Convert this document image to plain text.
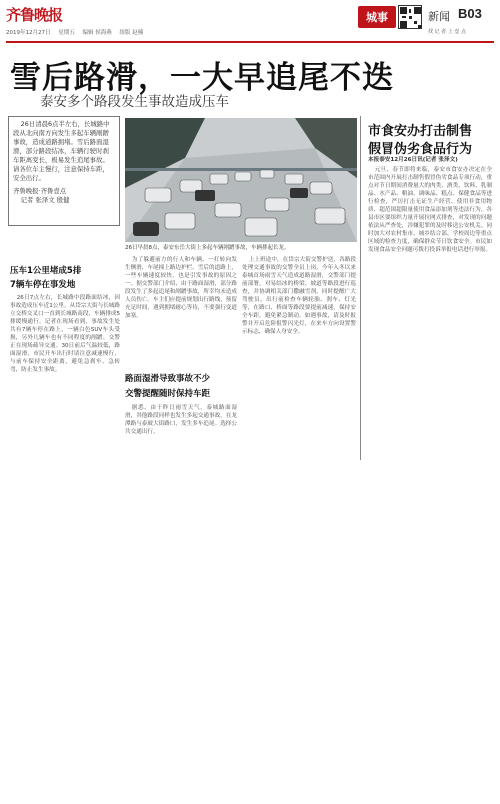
齐鲁晚报
2019年12月27日 星期五 编辑 侯海燕 组版 赵楠
城事	新闻 B03
找 记 者 上 壹 点
雪后路滑，一大早追尾不迭
泰安多个路段发生事故造成压车

26日清晨6点半左右，长城路中段从北向南方向发生多起车辆剐蹭事故，造成道路拥堵。雪后路面湿滑，部分路段结冰，车辆行驶时刹车距离变长，极易发生追尾事故。请各位车主慢行，注意保持车距，安全出行。

齐鲁晚报·齐鲁壹点

记者 张泽文 殷健

26日早晨8点，泰安东岳大街上多起车辆剐蹭事故，车辆排起长龙。
压车1公里堵成5排
7辆车停在事发地

26日7点左右，长城路中段路面结冰，因事故造成压车近1公里。从岱宗大街与长城路立交桥交叉口一直到长城路南段，车辆排成5排缓慢通行。记者在现场看到，事故发生处共有7辆车停在路上，一辆白色SUV车头受损，另外几辆车也有不同程度的剐蹭。交警正在现场疏导交通。30日前后气温较低，路面湿滑，市民开车出行时请注意减速慢行，与前车保持安全距离，避免急刹车、急转弯，防止发生事故。

为了躲避前方的行人和车辆，一打转向发生侧滑，车尾撞上路边护栏。雪后的道路上，一些车辆速度较快，也是引发事故的原因之一。据交警部门介绍，由于路面湿滑，部分路段发生了多起追尾和剐蹭事故，所幸均未造成人员伤亡。车主们应提前规划出行路线，预留充足时间，遇到拥堵耐心等待，不要强行变道加塞。

路面湿滑导致事故不少
交警提醒随时保持车距

据悉，由于昨日雨雪天气，泰城路面湿滑，其他路段同样也发生多起交通事故。在龙潭路与泰玻大街路口，发生多车追尾。选择公共交通出行。

上上班途中，在岱宗大街交警护送，各路段处理交通事故的交警全员上岗，今年入冬以来泰城首场雨雪天气造成道路湿滑，交警部门提前部署，对易结冰的桥梁、坡道等路段进行巡查，并协调相关部门撒融雪剂。同时提醒广大驾驶员，出行前检查车辆轮胎、刹车、灯光等，在路口、桥面等路段要提前减速，保持安全车距，避免紧急制动。如遇事故，请及时报警并开启危险报警闪光灯，在来车方向设置警示标志，确保人身安全。

市食安办打击制售
假冒伪劣食品行为
本报泰安12月26日讯(记者 张泽文)

元旦、春节即将来临，泰安市食安办决定在全市范围内开展打击制售假冒伪劣食品专项行动，重点对节日期间消费量大的肉类、酒类、饮料、乳制品、水产品、粮油、调味品、糕点、保健食品等进行检查，严厉打击无证生产经营、使用非食用物质、超范围超限量使用食品添加剂等违法行为。各县市区要组织力量开展拉网式排查，对发现的问题依法从严查处，涉嫌犯罪的及时移送公安机关。同时加大对农村集市、城乡结合部、学校周边等重点区域的检查力度，确保群众节日饮食安全。市民如发现食品安全问题可拨打投诉举报电话进行举报。
